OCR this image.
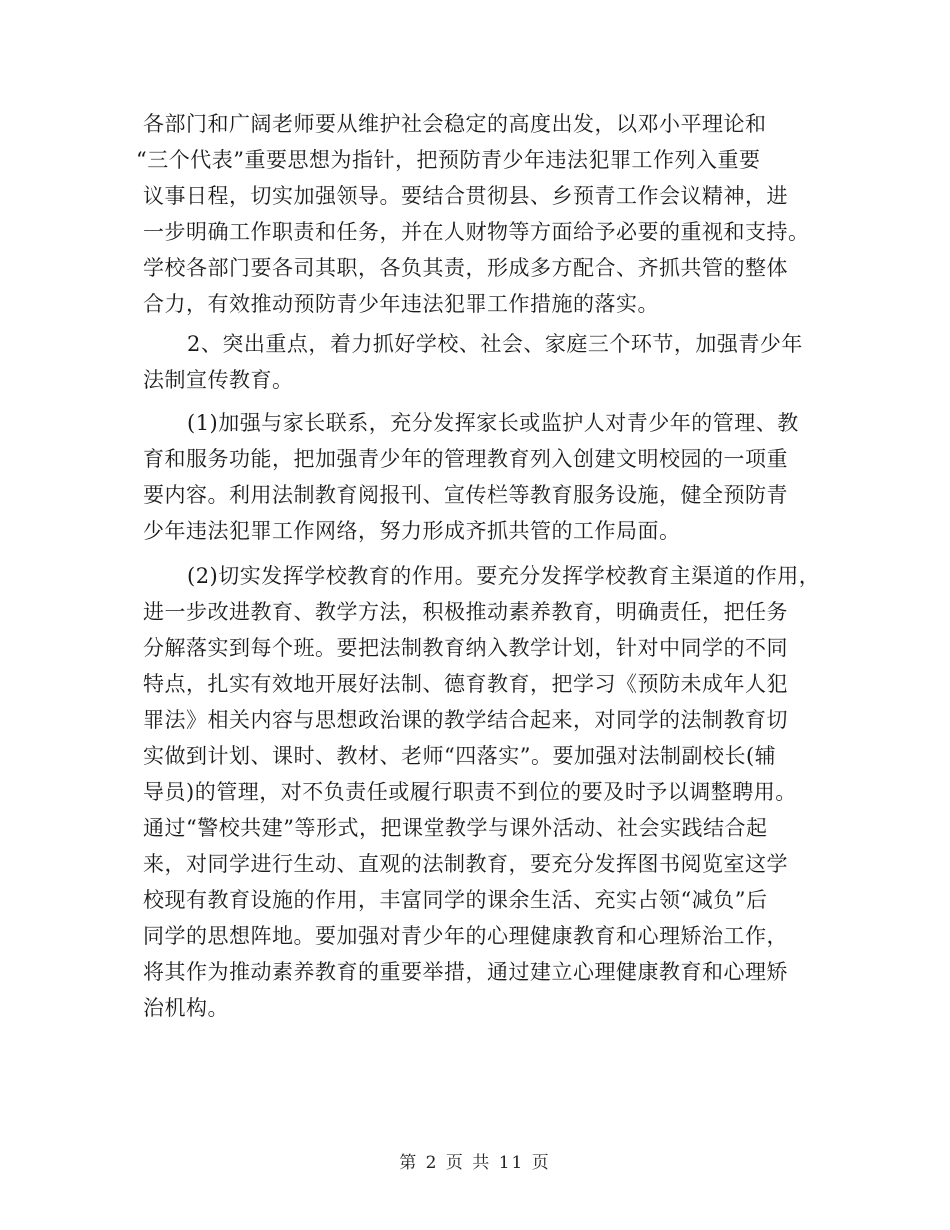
各部门和广阔老师要从维护社会稳定的高度出发，以邓小平理论和
“三个代表”重要思想为指针，把预防青少年违法犯罪工作列入重要
议事日程，切实加强领导。要结合贯彻县、乡预青工作会议精神，进
一步明确工作职责和任务，并在人财物等方面给予必要的重视和支持。
学校各部门要各司其职，各负其责，形成多方配合、齐抓共管的整体
合力，有效推动预防青少年违法犯罪工作措施的落实。
2、突出重点，着力抓好学校、社会、家庭三个环节，加强青少年
法制宣传教育。
(1)加强与家长联系，充分发挥家长或监护人对青少年的管理、教
育和服务功能，把加强青少年的管理教育列入创建文明校园的一项重
要内容。利用法制教育阅报刊、宣传栏等教育服务设施，健全预防青
少年违法犯罪工作网络，努力形成齐抓共管的工作局面。
(2)切实发挥学校教育的作用。要充分发挥学校教育主渠道的作用，
进一步改进教育、教学方法，积极推动素养教育，明确责任，把任务
分解落实到每个班。要把法制教育纳入教学计划，针对中同学的不同
特点，扎实有效地开展好法制、德育教育，把学习《预防未成年人犯
罪法》相关内容与思想政治课的教学结合起来，对同学的法制教育切
实做到计划、课时、教材、老师“四落实”。要加强对法制副校长(辅
导员)的管理，对不负责任或履行职责不到位的要及时予以调整聘用。
通过“警校共建”等形式，把课堂教学与课外活动、社会实践结合起
来，对同学进行生动、直观的法制教育，要充分发挥图书阅览室这学
校现有教育设施的作用，丰富同学的课余生活、充实占领“减负”后
同学的思想阵地。要加强对青少年的心理健康教育和心理矫治工作，
将其作为推动素养教育的重要举措，通过建立心理健康教育和心理矫
治机构。
第 2 页 共 11 页
